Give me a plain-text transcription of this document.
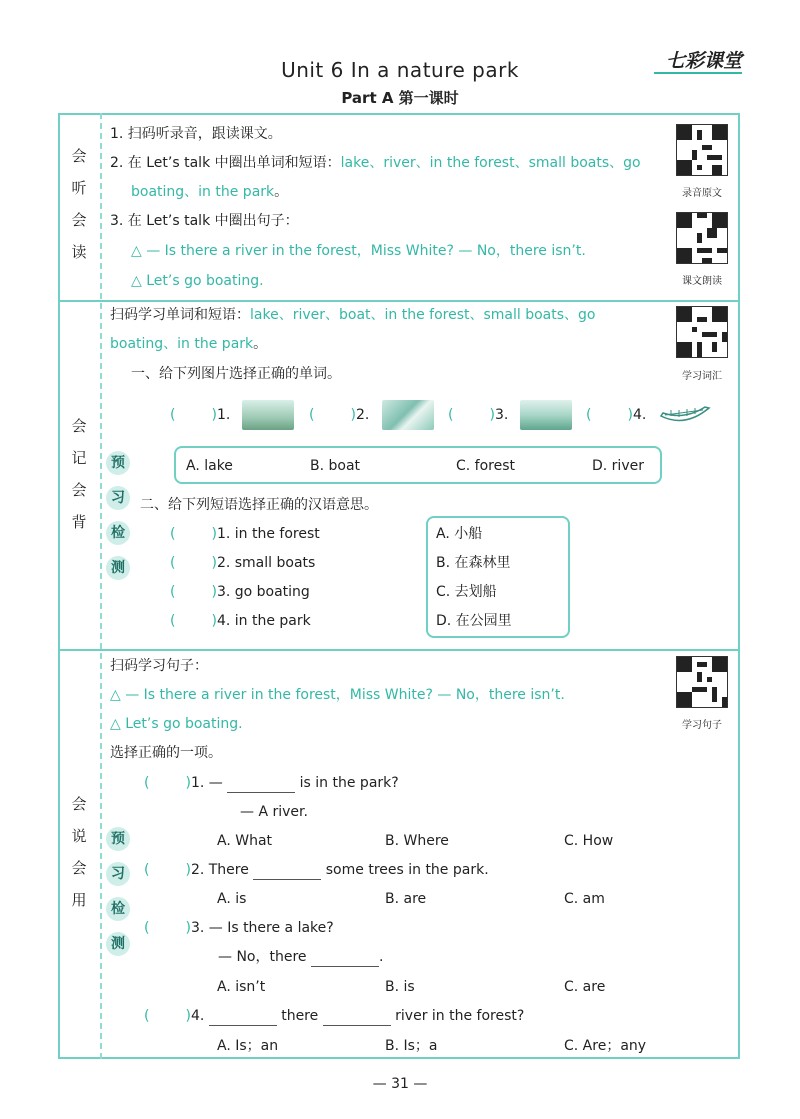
Unit 6 In a nature park
Part A 第一课时
七彩课堂
会
听
会
读
会
记
会
背
会
说
会
用
1. 扫码听录音，跟读课文。
2. 在 Let’s talk 中圈出单词和短语：lake、river、in the forest、small boats、go
boating、in the park。
3. 在 Let’s talk 中圈出句子：
△ — Is there a river in the forest，Miss White? — No，there isn’t.
△ Let’s go boating.
录音原文
课文朗读
扫码学习单词和短语：lake、river、boat、in the forest、small boats、go
boating、in the park。
学习词汇
一、给下列图片选择正确的单词。
(	)1.	(	)2.	(	)3.	(	)4.
预
习
检
测
A. lake	B. boat	C. forest	D. river
二、给下列短语选择正确的汉语意思。
(	)1. in the forest
(	)2. small boats
(	)3. go boating
(	)4. in the park
A. 小船
B. 在森林里
C. 去划船
D. 在公园里
扫码学习句子：
△ — Is there a river in the forest，Miss White? — No，there isn’t.
△ Let’s go boating.
选择正确的一项。
学习句子
预
习
检
测
(	)1. —	is in the park?
— A river.
A. What	B. Where	C. How
(	)2. There	some trees in the park.
A. is	B. are	C. am
(	)3. — Is there a lake?
— No，there	.
A. isn’t	B. is	C. are
(	)4.	there	river in the forest?
A. Is；an	B. Is；a	C. Are；any
— 31 —
